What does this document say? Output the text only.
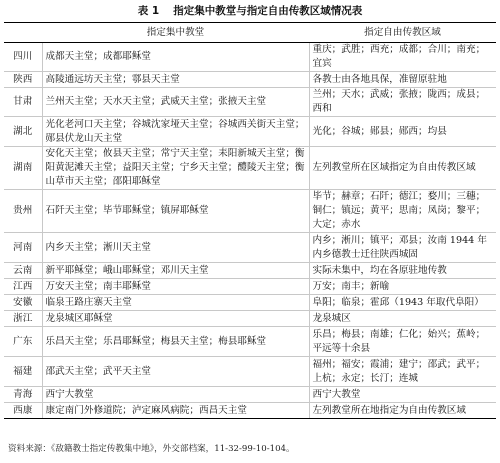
表 1 指定集中教堂与指定自由传教区域情况表
	指定集中教堂	指定自由传教区域
四川	成都天主堂；成都耶稣堂	重庆；武胜；西充；成都；合川；南充；宜宾
陕西	高陵通远坊天主堂；鄠县天主堂	各教士由各地具保，准留原驻地
甘肃	兰州天主堂；天水天主堂；武威天主堂；张掖天主堂	兰州；天水；武威；张掖；陇西；成县；西和
湖北	光化老河口天主堂；谷城沈家垭天主堂；谷城西关街天主堂；郧县伏龙山天主堂	光化；谷城；郧县；郧西；均县
湖南	安化天主堂；攸县天主堂；常宁天主堂；耒阳新城天主堂；衡阳黄泥滩天主堂；益阳天主堂；宁乡天主堂；醴陵天主堂；衡山草市天主堂；邵阳耶稣堂	左列教堂所在区域指定为自由传教区域
贵州	石阡天主堂；毕节耶稣堂；镇屏耶稣堂	毕节；赫章；石阡；德江；婺川；三穗；铜仁；镇远；黄平；思南；凤岗；黎平；大定；赤水
河南	内乡天主堂；淅川天主堂	内乡；淅川；镇平；邓县；汝南 1944 年内乡德教士迁往陕西城固
云南	新平耶稣堂；峨山耶稣堂；邓川天主堂	实际未集中，均在各原驻地传教
江西	万安天主堂；南丰耶稣堂	万安；南丰；新喻
安徽	临泉王路庄寨天主堂	阜阳；临泉；霍邱（1943 年取代阜阳）
浙江	龙泉城区耶稣堂	龙泉城区
广东	乐昌天主堂；乐昌耶稣堂；梅县天主堂；梅县耶稣堂	乐昌；梅县；南雄；仁化；始兴；蕉岭；平远等十余县
福建	邵武天主堂；武平天主堂	福州；福安；霞浦；建宁；邵武；武平；上杭；永定；长汀；连城
青海	西宁大教堂	西宁大教堂
西康	康定南门外修道院；泸定麻风病院；西昌天主堂	左列教堂所在地指定为自由传教区域
资料来源：《敌籍教士指定传教集中地》，外交部档案，11-32-99-10-104。
